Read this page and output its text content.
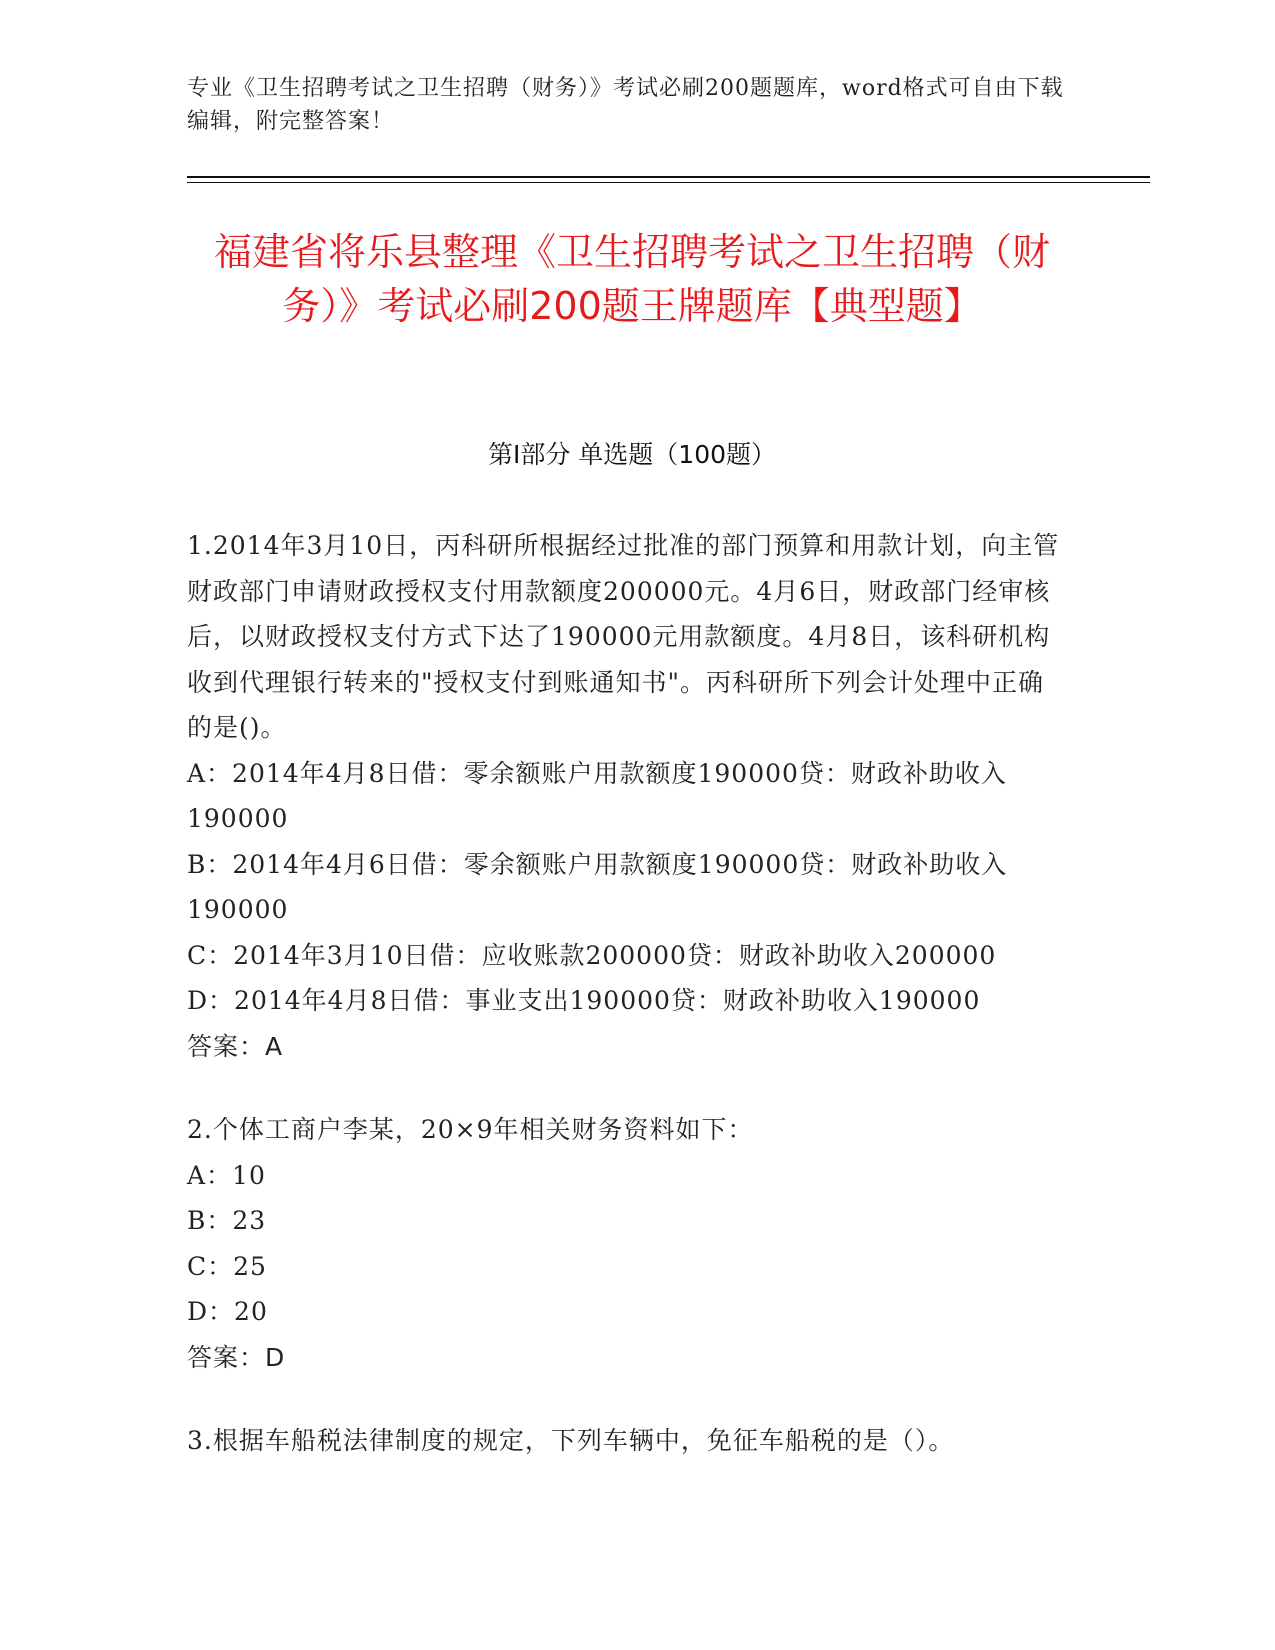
专业《卫生招聘考试之卫生招聘（财务）》考试必刷200题题库，word格式可自由下载编辑，附完整答案！
福建省将乐县整理《卫生招聘考试之卫生招聘（财务）》考试必刷200题王牌题库【典型题】
第I部分 单选题（100题）

1.2014年3月10日，丙科研所根据经过批准的部门预算和用款计划，向主管财政部门申请财政授权支付用款额度200000元。4月6日，财政部门经审核后，以财政授权支付方式下达了190000元用款额度。4月8日，该科研机构收到代理银行转来的"授权支付到账通知书"。丙科研所下列会计处理中正确的是()。

A：2014年4月8日借：零余额账户用款额度190000贷：财政补助收入190000

B：2014年4月6日借：零余额账户用款额度190000贷：财政补助收入190000

C：2014年3月10日借：应收账款200000贷：财政补助收入200000

D：2014年4月8日借：事业支出190000贷：财政补助收入190000

答案：A

2.个体工商户李某，20×9年相关财务资料如下：

A：10

B：23

C：25

D：20

答案：D

3.根据车船税法律制度的规定，下列车辆中，免征车船税的是（）。
